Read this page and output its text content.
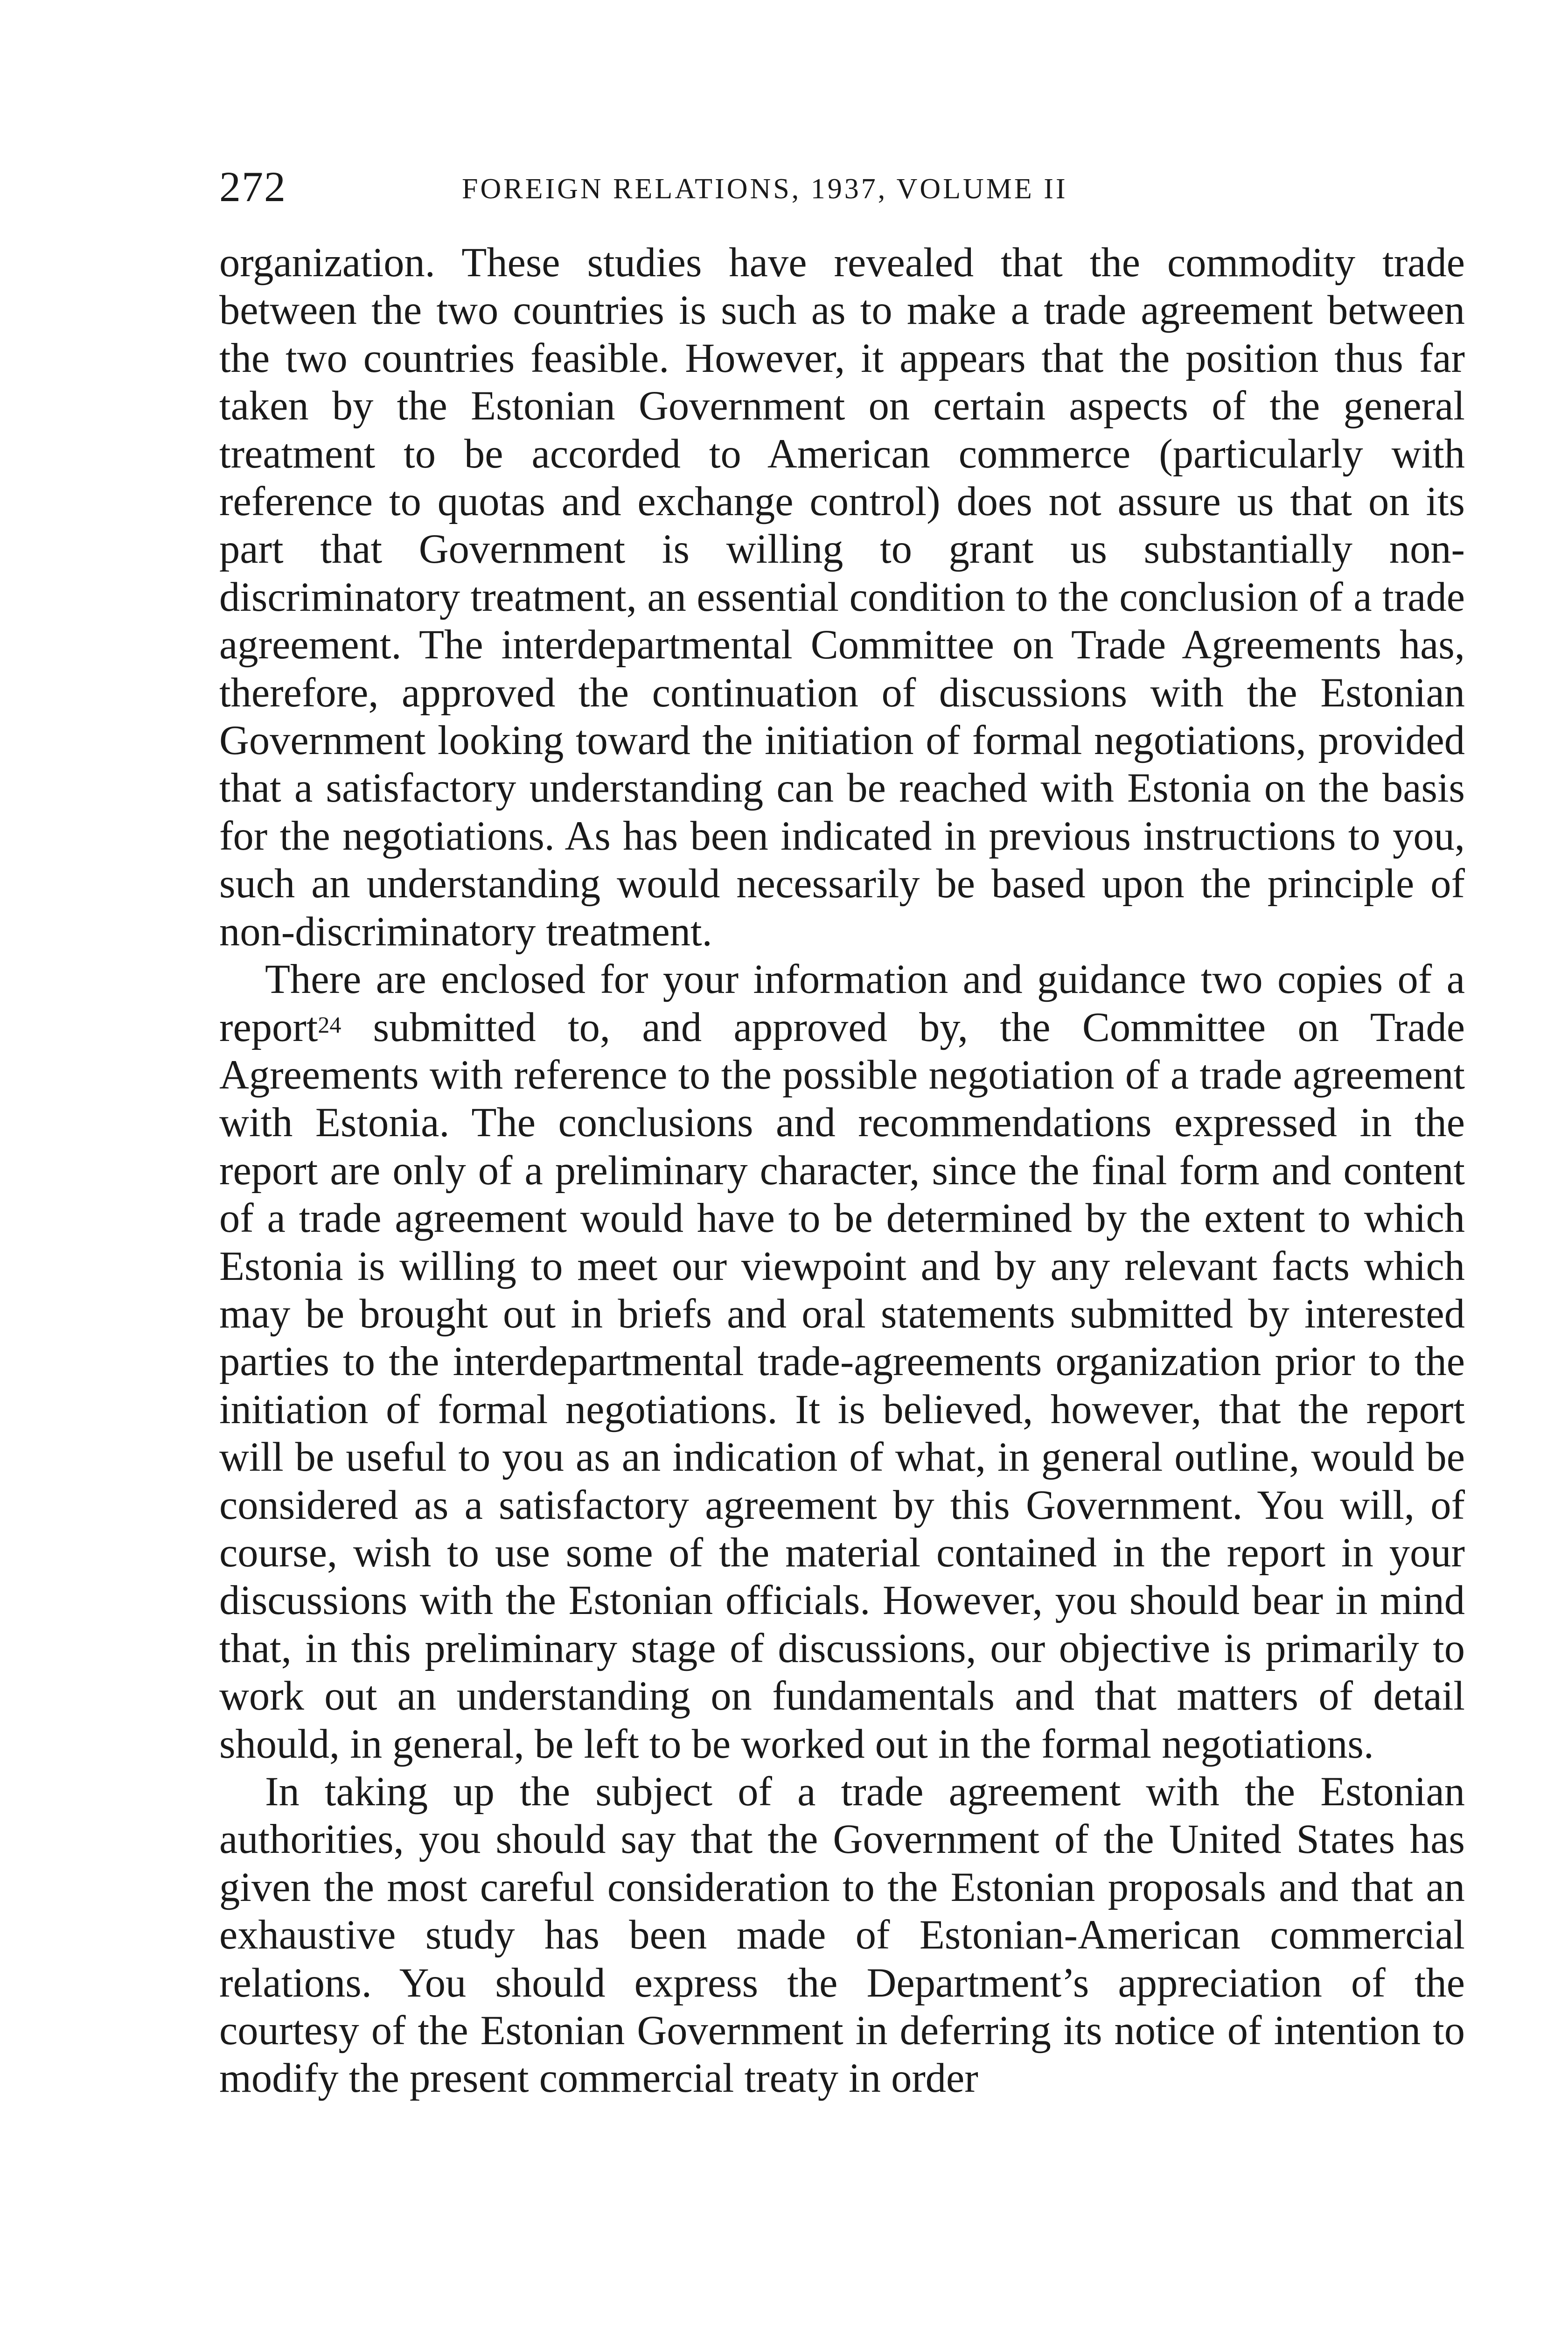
272	FOREIGN RELATIONS, 1937, VOLUME II

organization. These studies have revealed that the commodity trade between the two countries is such as to make a trade agreement between the two countries feasible. However, it appears that the position thus far taken by the Estonian Government on certain aspects of the general treatment to be accorded to American commerce (particularly with reference to quotas and exchange control) does not assure us that on its part that Government is willing to grant us substantially non-discriminatory treatment, an essential condition to the conclusion of a trade agreement. The interdepartmental Committee on Trade Agreements has, therefore, approved the continuation of discussions with the Estonian Government looking toward the initiation of formal negotiations, provided that a satisfactory understanding can be reached with Estonia on the basis for the negotiations. As has been indicated in previous instructions to you, such an understanding would necessarily be based upon the principle of non-discriminatory treatment.

There are enclosed for your information and guidance two copies of a report$^{24}$ submitted to, and approved by, the Committee on Trade Agreements with reference to the possible negotiation of a trade agreement with Estonia. The conclusions and recommendations expressed in the report are only of a preliminary character, since the final form and content of a trade agreement would have to be determined by the extent to which Estonia is willing to meet our viewpoint and by any relevant facts which may be brought out in briefs and oral statements submitted by interested parties to the interdepartmental trade-agreements organization prior to the initiation of formal negotiations. It is believed, however, that the report will be useful to you as an indication of what, in general outline, would be considered as a satisfactory agreement by this Government. You will, of course, wish to use some of the material contained in the report in your discussions with the Estonian officials. However, you should bear in mind that, in this preliminary stage of discussions, our objective is primarily to work out an understanding on fundamentals and that matters of detail should, in general, be left to be worked out in the formal negotiations.

In taking up the subject of a trade agreement with the Estonian authorities, you should say that the Government of the United States has given the most careful consideration to the Estonian proposals and that an exhaustive study has been made of Estonian-American commercial relations. You should express the Department’s appreciation of the courtesy of the Estonian Government in deferring its notice of intention to modify the present commercial treaty in order
